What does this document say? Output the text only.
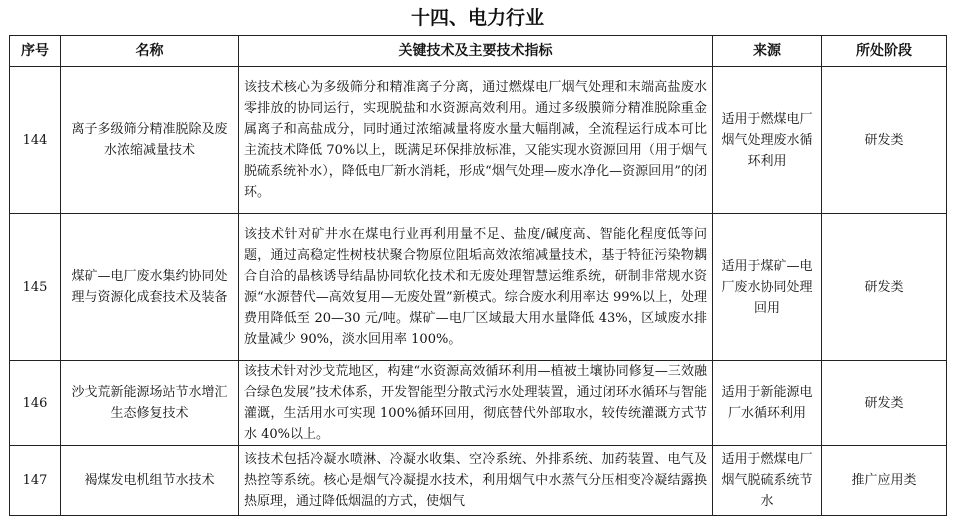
十四、电力行业
序号	名称	关键技术及主要技术指标	来源	所处阶段
144	离子多级筛分精准脱除及废水浓缩减量技术	该技术核心为多级筛分和精准离子分离，通过燃煤电厂烟气处理和末端高盐废水零排放的协同运行，实现脱盐和水资源高效利用。通过多级膜筛分精准脱除重金属离子和高盐成分，同时通过浓缩减量将废水量大幅削减，全流程运行成本可比主流技术降低 70%以上，既满足环保排放标准，又能实现水资源回用（用于烟气脱硫系统补水），降低电厂新水消耗，形成“烟气处理—废水净化—资源回用”的闭环。	适用于燃煤电厂烟气处理废水循环利用	研发类
145	煤矿—电厂废水集约协同处理与资源化成套技术及装备	该技术针对矿井水在煤电行业再利用量不足、盐度/碱度高、智能化程度低等问题，通过高稳定性树枝状聚合物原位阻垢高效浓缩减量技术，基于特征污染物耦合自洽的晶核诱导结晶协同软化技术和无废处理智慧运维系统，研制非常规水资源“水源替代—高效复用—无废处置”新模式。综合废水利用率达 99%以上，处理费用降低至 20—30 元/吨。煤矿—电厂区域最大用水量降低 43%，区域废水排放量减少 90%，淡水回用率 100%。	适用于煤矿—电厂废水协同处理回用	研发类
146	沙戈荒新能源场站节水增汇生态修复技术	该技术针对沙戈荒地区，构建“水资源高效循环利用—植被土壤协同修复—三效融合绿色发展”技术体系，开发智能型分散式污水处理装置，通过闭环水循环与智能灌溉，生活用水可实现 100%循环回用，彻底替代外部取水，较传统灌溉方式节水 40%以上。	适用于新能源电厂水循环利用	研发类
147	褐煤发电机组节水技术	该技术包括冷凝水喷淋、冷凝水收集、空冷系统、外排系统、加药装置、电气及热控等系统。核心是烟气冷凝提水技术，利用烟气中水蒸气分压相变冷凝结露换热原理，通过降低烟温的方式，使烟气	适用于燃煤电厂烟气脱硫系统节水	推广应用类
